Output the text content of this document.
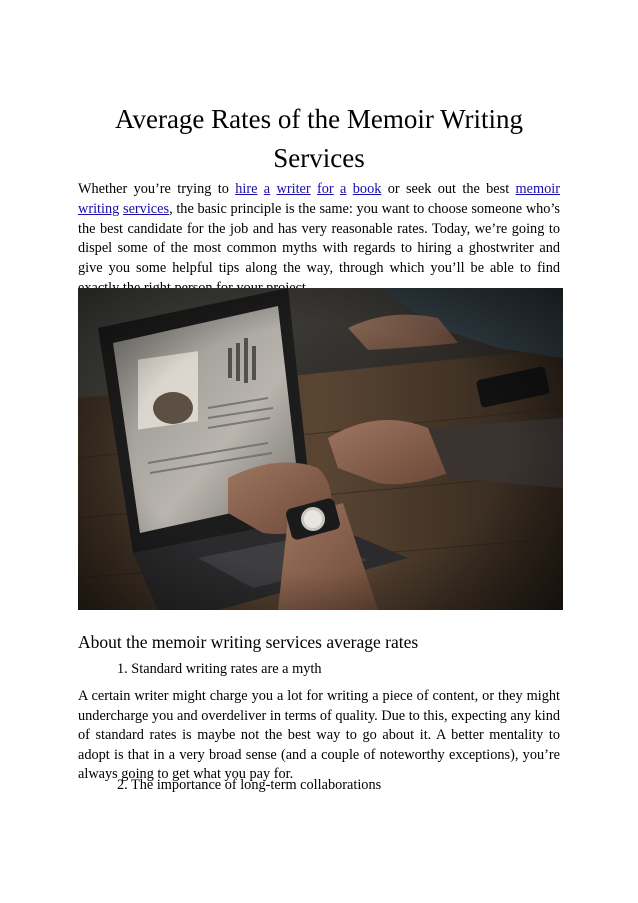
Average Rates of the Memoir Writing Services

Whether you’re trying to hire a writer for a book or seek out the best memoir writing services, the basic principle is the same: you want to choose someone who’s the best candidate for the job and has very reasonable rates. Today, we’re going to dispel some of the most common myths with regards to hiring a ghostwriter and give you some helpful tips along the way, through which you’ll be able to find

About the memoir writing services average rates

1. Standard writing rates are a myth

A certain writer might charge you a lot for writing a piece of content, or they might undercharge you and overdeliver in terms of quality. Due to this, expecting any kind of standard rates is maybe not the best way to go about it. A better mentality to adopt is that in a very broad sense (and a couple of noteworthy exceptions), you’re always going to get what you pay for.

2. The importance of long-term collaborations
